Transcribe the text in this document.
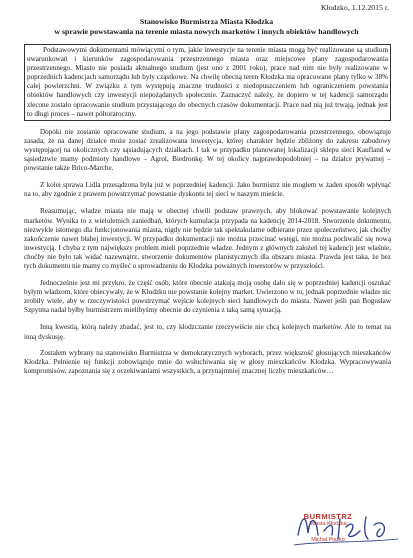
Kłodzko, 1.12.2015 r.
Stanowisko Burmistrza Miasta Kłodzka
w sprawie powstawania na terenie miasta nowych marketów i innych obiektów handlowych

Podstawowymi dokumentami mówiącymi o tym, jakie inwestycje na terenie miasta mogą być realizowane są studium uwarunkowań i kierunków zagospodarowania przestrzennego miasta oraz miejscowe plany zagospodarowania przestrzennego. Miasto nie posiada aktualnego studium (jest ono z 2001 roku), prace nad nim nie były realizowane w poprzednich kadencjach samorządu lub były cząstkowe. Na chwilę obecną teren Kłodzka ma opracowane plany tylko w 38% całej powierzchni. W związku z tym występują znaczne trudności z niedopuszczeniem lub ograniczeniem powstania obiektów handlowych czy inwestycji niepożądanych społecznie. Zaznaczyć należy, że dopiero w tej kadencji samorządu zlecone zostało opracowanie studium przystającego do obecnych czasów dokumentacji. Prace nad nią już trwają, jednak jest to długi proces – nawet półtoraroczny.

Dopóki nie zostanie opracowane studium, a na jego podstawie plany zagospodarowania przestrzennego, obowiązuje zasada, że na danej działce może zostać zrealizowana inwestycja, której charakter będzie zbliżony do zakresu zabudowy występującej na okolicznych czy sąsiadujących działkach. I tak w przypadku planowanej lokalizacji sklepu sieci Kaufland w sąsiedztwie mamy podmioty handlowe – Agrol, Biedronkę. W tej okolicy najprawdopodobniej – na działce prywatnej – powstanie także Brico-Marche.

Z kolei sprawa Lidla przesądzona była już w poprzedniej kadencji. Jako burmistrz nie mogłem w żaden sposób wpłynąć na to, aby zgodnie z prawem powstrzymać powstanie dyskontu tej sieci w naszym mieście.

Reasumując, władze miasta nie mają w obecnej chwili podstaw prawnych, aby blokować powstawanie kolejnych marketów. Wynika to z wieloletnich zaniedbań, których kumulacja przypada na kadencję 2014-2018. Stworzenie dokumentu, niezwykle istotnego dla funkcjonowania miasta, nigdy nie będzie tak spektakularne odbierane przez społeczeństwo, jak choćby zakończenie nawet błahej inwestycji. W przypadku dokumentacji nie można przecinać wstęgi, nie można pochwalić się nową inwestycją. I chyba z tym największy problem mieli poprzednie władze. Jednym z głównych założeń tej kadencji jest właśnie, choćby nie było tak widać nazewnątrz, stworzenie dokumentów planistycznych dla obszaru miasta. Prawda jest taka, że bez tych dokumentu nie mamy co myśleć o sprowadzeniu do Kłodzka poważnych inwestorów w przyszłości.

Jednocześnie jest mi przykro, że część osób, które obecnie atakują moją osobę dało się w poprzedniej kadencji oszukać byłym władzom, które obiecywały, że w Kłodzku nie powstanie kolejny market. Uwierzono w to, jednak poprzednie władze nic zrobiły wiele, aby w rzeczywistości powstrzymać wejście kolejnych sieci handlowych do miasta. Nawet jeśli pan Bogusław Szpytma nadał byłby burmistrzem mielibyśmy obecnie do czynienia z taką samą sytuacją.

Inną kwestią, którą należy zbadać, jest to, czy kłodzczanie rzeczywiście nie chcą kolejnych marketów. Ale to temat na inną dyskusję.

Zostałem wybrany na stanowisko Burmistrza w demokratycznych wyborach, przez większość głosujących mieszkańców Kłodzka. Pełnienie tej funkcji zobowiązuje mnie do wsłuchiwania się w głosy mieszkańców Kłodzka. Wypracowywania kompromisów, zapoznania się z oczekiwaniami wszystkich, a przynajmniej znacznej liczby mieszkańców…

BURMISTRZ
Miasta Kłodzka
Michał Piszko
